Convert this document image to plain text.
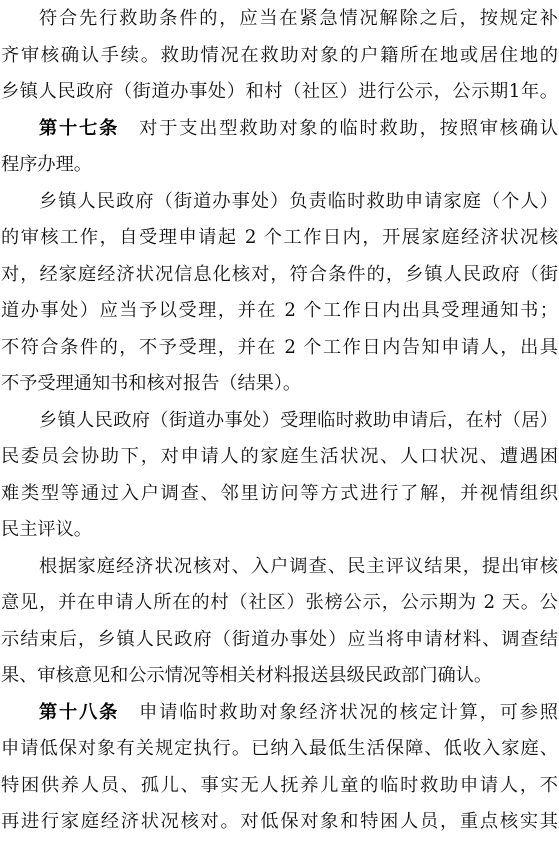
符合先行救助条件的，应当在紧急情况解除之后，按规定补
齐审核确认手续。救助情况在救助对象的户籍所在地或居住地的
乡镇人民政府（街道办事处）和村（社区）进行公示，公示期1年。
第十七条 对于支出型救助对象的临时救助，按照审核确认
程序办理。
乡镇人民政府（街道办事处）负责临时救助申请家庭（个人）
的审核工作，自受理申请起 2 个工作日内，开展家庭经济状况核
对，经家庭经济状况信息化核对，符合条件的，乡镇人民政府（街
道办事处）应当予以受理，并在 2 个工作日内出具受理通知书；
不符合条件的，不予受理，并在 2 个工作日内告知申请人，出具
不予受理通知书和核对报告（结果）。
乡镇人民政府（街道办事处）受理临时救助申请后，在村（居）
民委员会协助下，对申请人的家庭生活状况、人口状况、遭遇困
难类型等通过入户调查、邻里访问等方式进行了解，并视情组织
民主评议。
根据家庭经济状况核对、入户调查、民主评议结果，提出审核
意见，并在申请人所在的村（社区）张榜公示，公示期为 2 天。公
示结束后，乡镇人民政府（街道办事处）应当将申请材料、调查结
果、审核意见和公示情况等相关材料报送县级民政部门确认。
第十八条 申请临时救助对象经济状况的核定计算，可参照
申请低保对象有关规定执行。已纳入最低生活保障、低收入家庭、
特困供养人员、孤儿、事实无人抚养儿童的临时救助申请人，不
再进行家庭经济状况核对。对低保对象和特困人员，重点核实其
